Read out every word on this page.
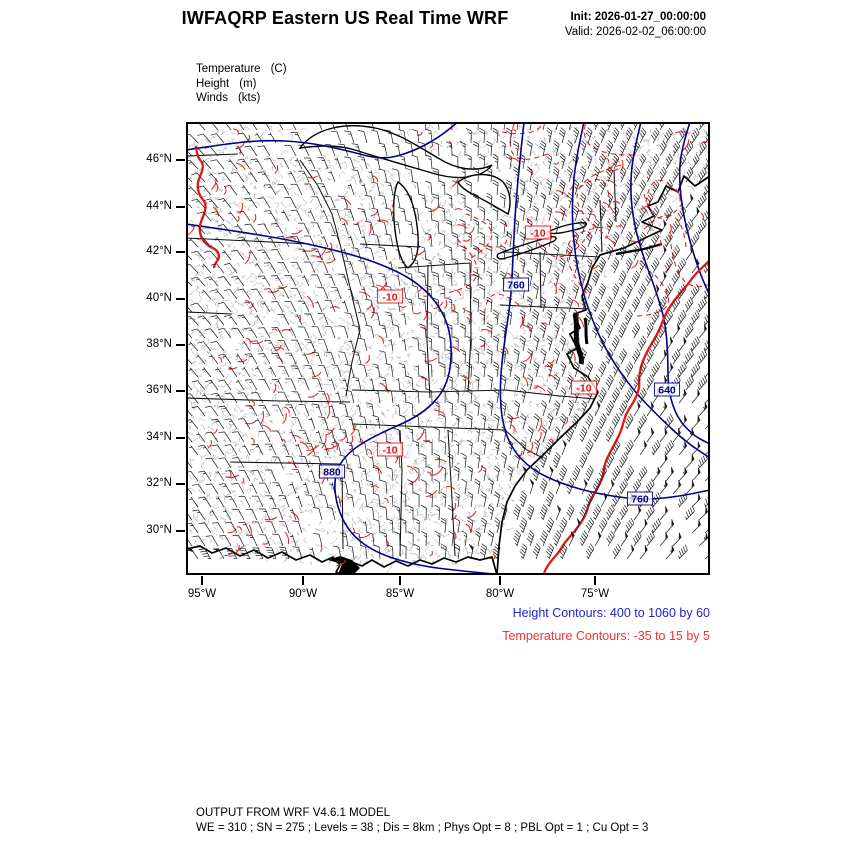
IWFAQRP Eastern US Real Time WRF	Init: 2026-01-27_00:00:00
Valid: 2026-02-02_06:00:00
Temperature (C)
Height (m)
Winds (kts)
760
880
640
760
-10
-10
-10
-10
46°N
44°N
42°N
40°N
38°N
36°N
34°N
32°N
30°N
95°W	90°W	85°W	80°W	75°W
Height Contours: 400 to 1060 by 60
Temperature Contours: -35 to 15 by 5
OUTPUT FROM WRF V4.6.1 MODEL
WE = 310 ; SN = 275 ; Levels = 38 ; Dis = 8km ; Phys Opt = 8 ; PBL Opt = 1 ; Cu Opt = 3
